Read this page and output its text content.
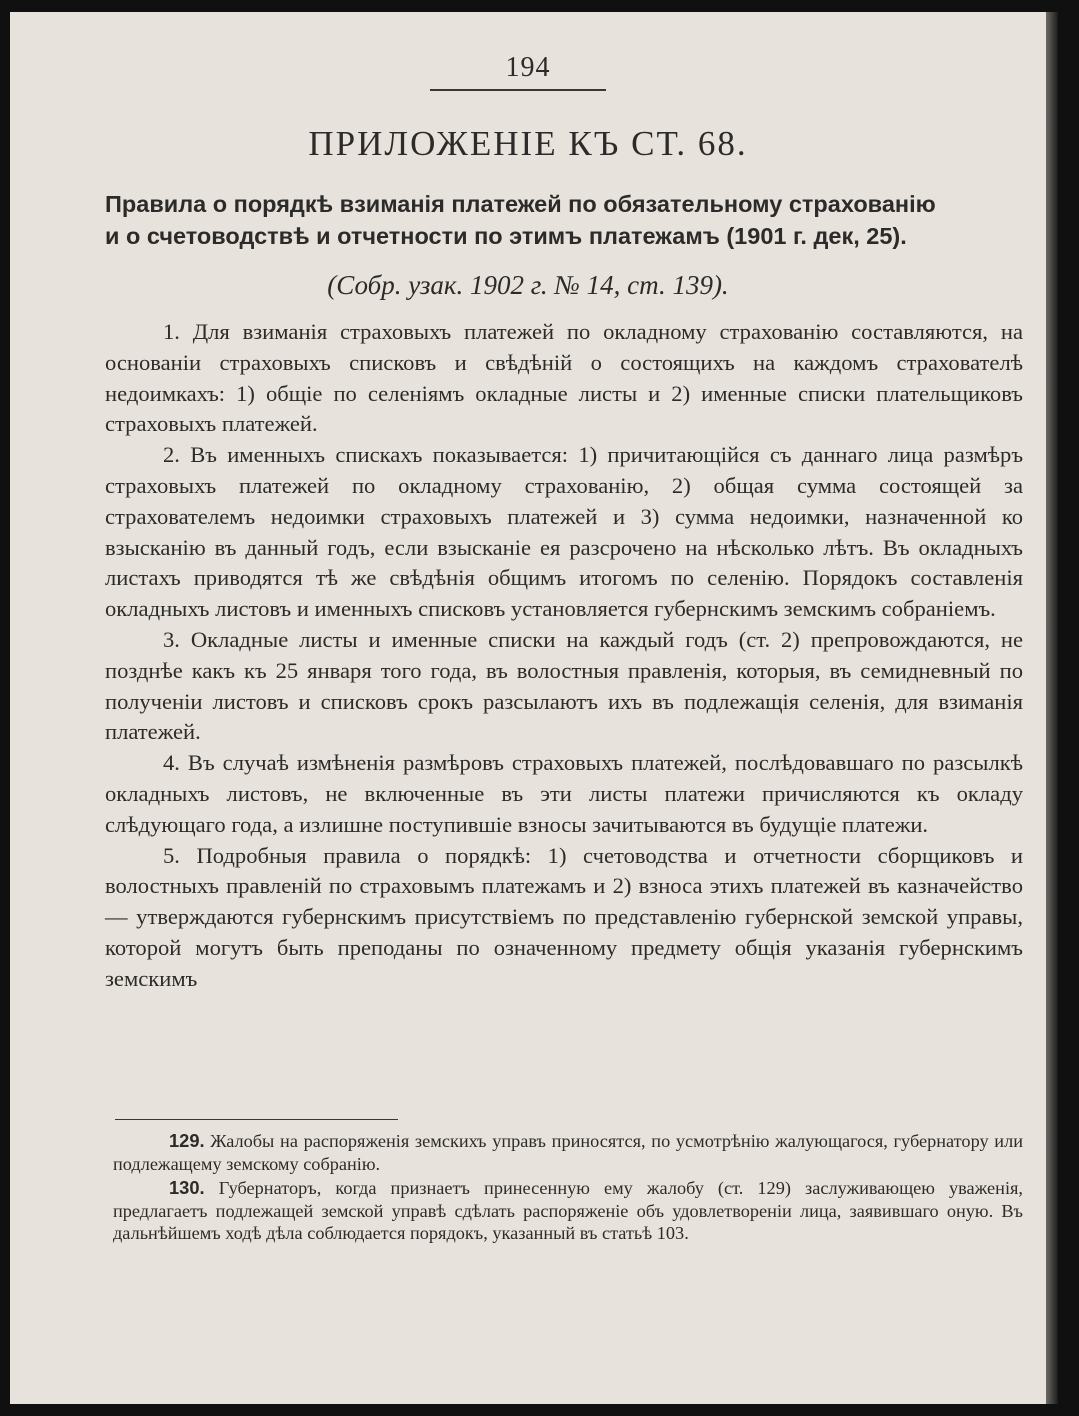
194
ПРИЛОЖЕНІЕ КЪ СТ. 68.
Правила о порядкѣ взиманія платежей по обязательному страхованію
и о счетоводствѣ и отчетности по этимъ платежамъ (1901 г. дек, 25).
(Собр. узак. 1902 г. № 14, ст. 139).

1. Для взиманія страховыхъ платежей по окладному страхованію составляются, на основаніи страховыхъ списковъ и свѣдѣній о состоящихъ на каждомъ страхователѣ недоимкахъ: 1) общіе по селеніямъ окладные листы и 2) именные списки плательщиковъ страховыхъ платежей.

2. Въ именныхъ спискахъ показывается: 1) причитающійся съ даннаго лица размѣръ страховыхъ платежей по окладному страхованію, 2) общая сумма состоящей за страхователемъ недоимки страховыхъ платежей и 3) сумма недоимки, назначенной ко взысканію въ данный годъ, если взысканіе ея разсрочено на нѣсколько лѣтъ. Въ окладныхъ листахъ приводятся тѣ же свѣдѣнія общимъ итогомъ по селенію. Порядокъ составленія окладныхъ листовъ и именныхъ списковъ установляется губернскимъ земскимъ собраніемъ.

3. Окладные листы и именные списки на каждый годъ (ст. 2) препровождаются, не позднѣе какъ къ 25 января того года, въ волостныя правленія, которыя, въ семидневный по полученіи листовъ и списковъ срокъ разсылаютъ ихъ въ подлежащія селенія, для взиманія платежей.

4. Въ случаѣ измѣненія размѣровъ страховыхъ платежей, послѣдовавшаго по разсылкѣ окладныхъ листовъ, не включенные въ эти листы платежи причисляются къ окладу слѣдующаго года, а излишне поступившіе взносы зачитываются въ будущіе платежи.

5. Подробныя правила о порядкѣ: 1) счетоводства и отчетности сборщиковъ и волостныхъ правленій по страховымъ платежамъ и 2) взноса этихъ платежей въ казначейство — утверждаются губернскимъ присутствіемъ по представленію губернской земской управы, которой могутъ быть преподаны по означенному предмету общія указанія губернскимъ земскимъ

129. Жалобы на распоряженія земскихъ управъ приносятся, по усмотрѣнію жалующагося, губернатору или подлежащему земскому собранію.

130. Губернаторъ, когда признаетъ принесенную ему жалобу (ст. 129) заслуживающею уваженія, предлагаетъ подлежащей земской управѣ сдѣлать распоряженіе объ удовлетвореніи лица, заявившаго оную. Въ дальнѣйшемъ ходѣ дѣла соблюдается порядокъ, указанный въ статьѣ 103.
